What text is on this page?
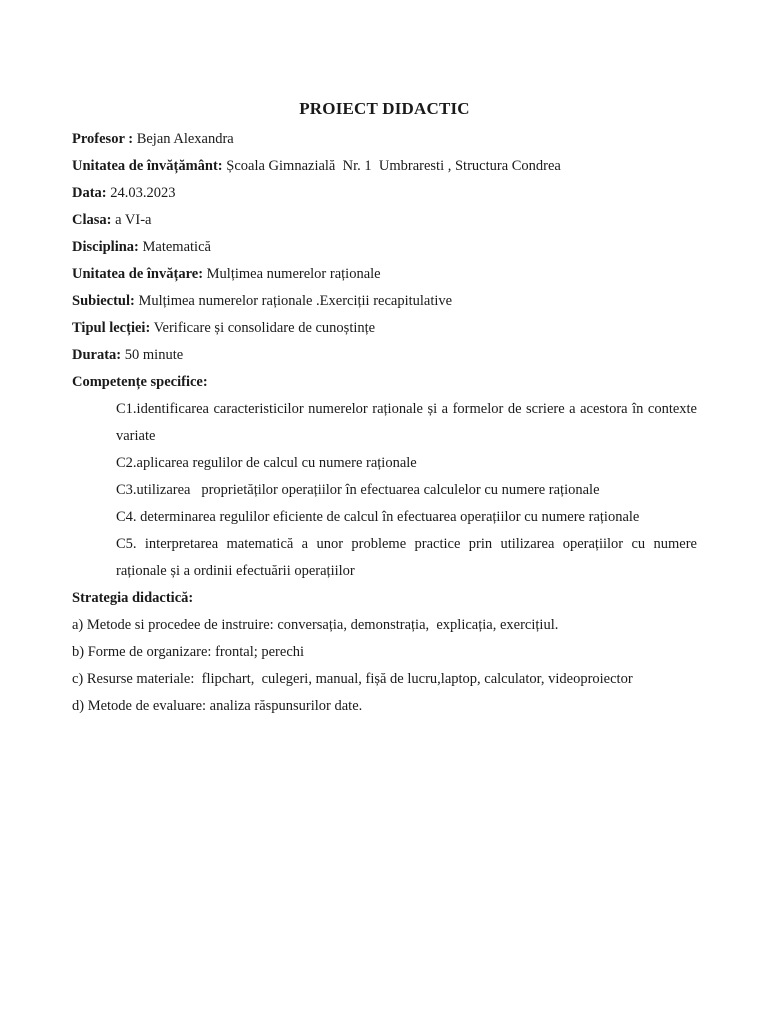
PROIECT DIDACTIC
Profesor : Bejan Alexandra
Unitatea de învățământ: Școala Gimnazială  Nr. 1  Umbraresti , Structura Condrea
Data: 24.03.2023
Clasa: a VI-a
Disciplina: Matematică
Unitatea de învățare: Mulțimea numerelor raționale
Subiectul: Mulțimea numerelor raționale .Exerciții recapitulative
Tipul lecției: Verificare și consolidare de cunoștințe
Durata: 50 minute
Competențe specifice:
C1.identificarea caracteristicilor numerelor raționale și a formelor de scriere a acestora în contexte variate
C2.aplicarea regulilor de calcul cu numere raționale
C3.utilizarea   proprietăților operațiilor în efectuarea calculelor cu numere raționale
C4. determinarea regulilor eficiente de calcul în efectuarea operațiilor cu numere raționale
C5. interpretarea matematică a unor probleme practice prin utilizarea operațiilor cu numere raționale și a ordinii efectuării operațiilor
Strategia didactică:
a) Metode si procedee de instruire: conversația, demonstrația,  explicația, exercițiul.
b) Forme de organizare: frontal; perechi
c) Resurse materiale:  flipchart,  culegeri, manual, fișă de lucru,laptop, calculator, videoproiector
d) Metode de evaluare: analiza răspunsurilor date.
